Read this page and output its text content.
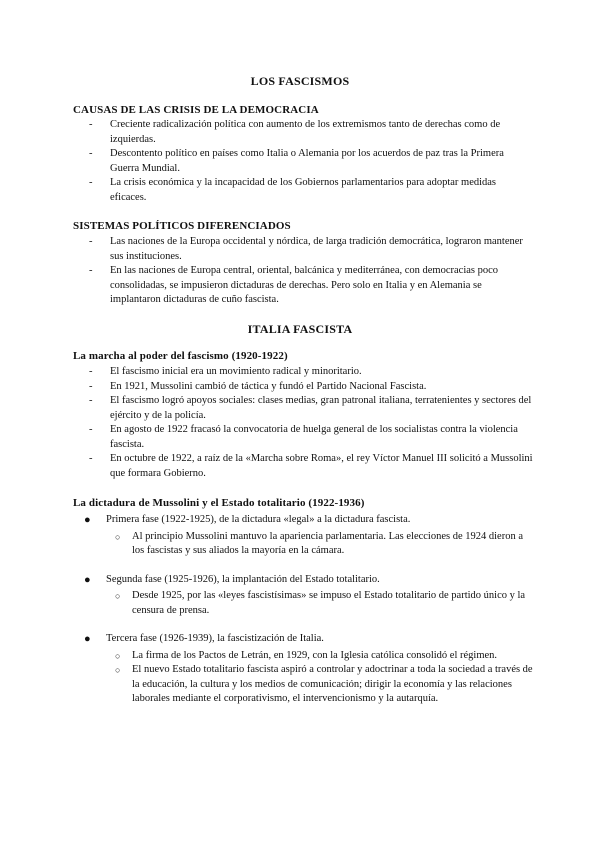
LOS FASCISMOS
CAUSAS DE LAS CRISIS DE LA DEMOCRACIA
- Creciente radicalización política con aumento de los extremismos tanto de derechas como de izquierdas.
- Descontento político en países como Italia o Alemania por los acuerdos de paz tras la Primera Guerra Mundial.
- La crisis económica y la incapacidad de los Gobiernos parlamentarios para adoptar medidas eficaces.
SISTEMAS POLÍTICOS DIFERENCIADOS
- Las naciones de la Europa occidental y nórdica, de larga tradición democrática, lograron mantener sus instituciones.
- En las naciones de Europa central, oriental, balcánica y mediterránea, con democracias poco consolidadas, se impusieron dictaduras de derechas. Pero solo en Italia y en Alemania se implantaron dictaduras de cuño fascista.
ITALIA FASCISTA
La marcha al poder del fascismo (1920-1922)
- El fascismo inicial era un movimiento radical y minoritario.
- En 1921, Mussolini cambió de táctica y fundó el Partido Nacional Fascista.
- El fascismo logró apoyos sociales: clases medias, gran patronal italiana, terratenientes y sectores del ejército y de la policía.
- En agosto de 1922 fracasó la convocatoria de huelga general de los socialistas contra la violencia fascista.
- En octubre de 1922, a raíz de la «Marcha sobre Roma», el rey Víctor Manuel III solicitó a Mussolini que formara Gobierno.
La dictadura de Mussolini y el Estado totalitario (1922-1936)
● Primera fase (1922-1925), de la dictadura «legal» a la dictadura fascista.
○ Al principio Mussolini mantuvo la apariencia parlamentaria. Las elecciones de 1924 dieron a los fascistas y sus aliados la mayoría en la cámara.
● Segunda fase (1925-1926), la implantación del Estado totalitario.
○ Desde 1925, por las «leyes fascistísimas» se impuso el Estado totalitario de partido único y la censura de prensa.
● Tercera fase (1926-1939), la fascistización de Italia.
○ La firma de los Pactos de Letrán, en 1929, con la Iglesia católica consolidó el régimen.
○ El nuevo Estado totalitario fascista aspiró a controlar y adoctrinar a toda la sociedad a través de la educación, la cultura y los medios de comunicación; dirigir la economía y las relaciones laborales mediante el corporativismo, el intervencionismo y la autarquía.
